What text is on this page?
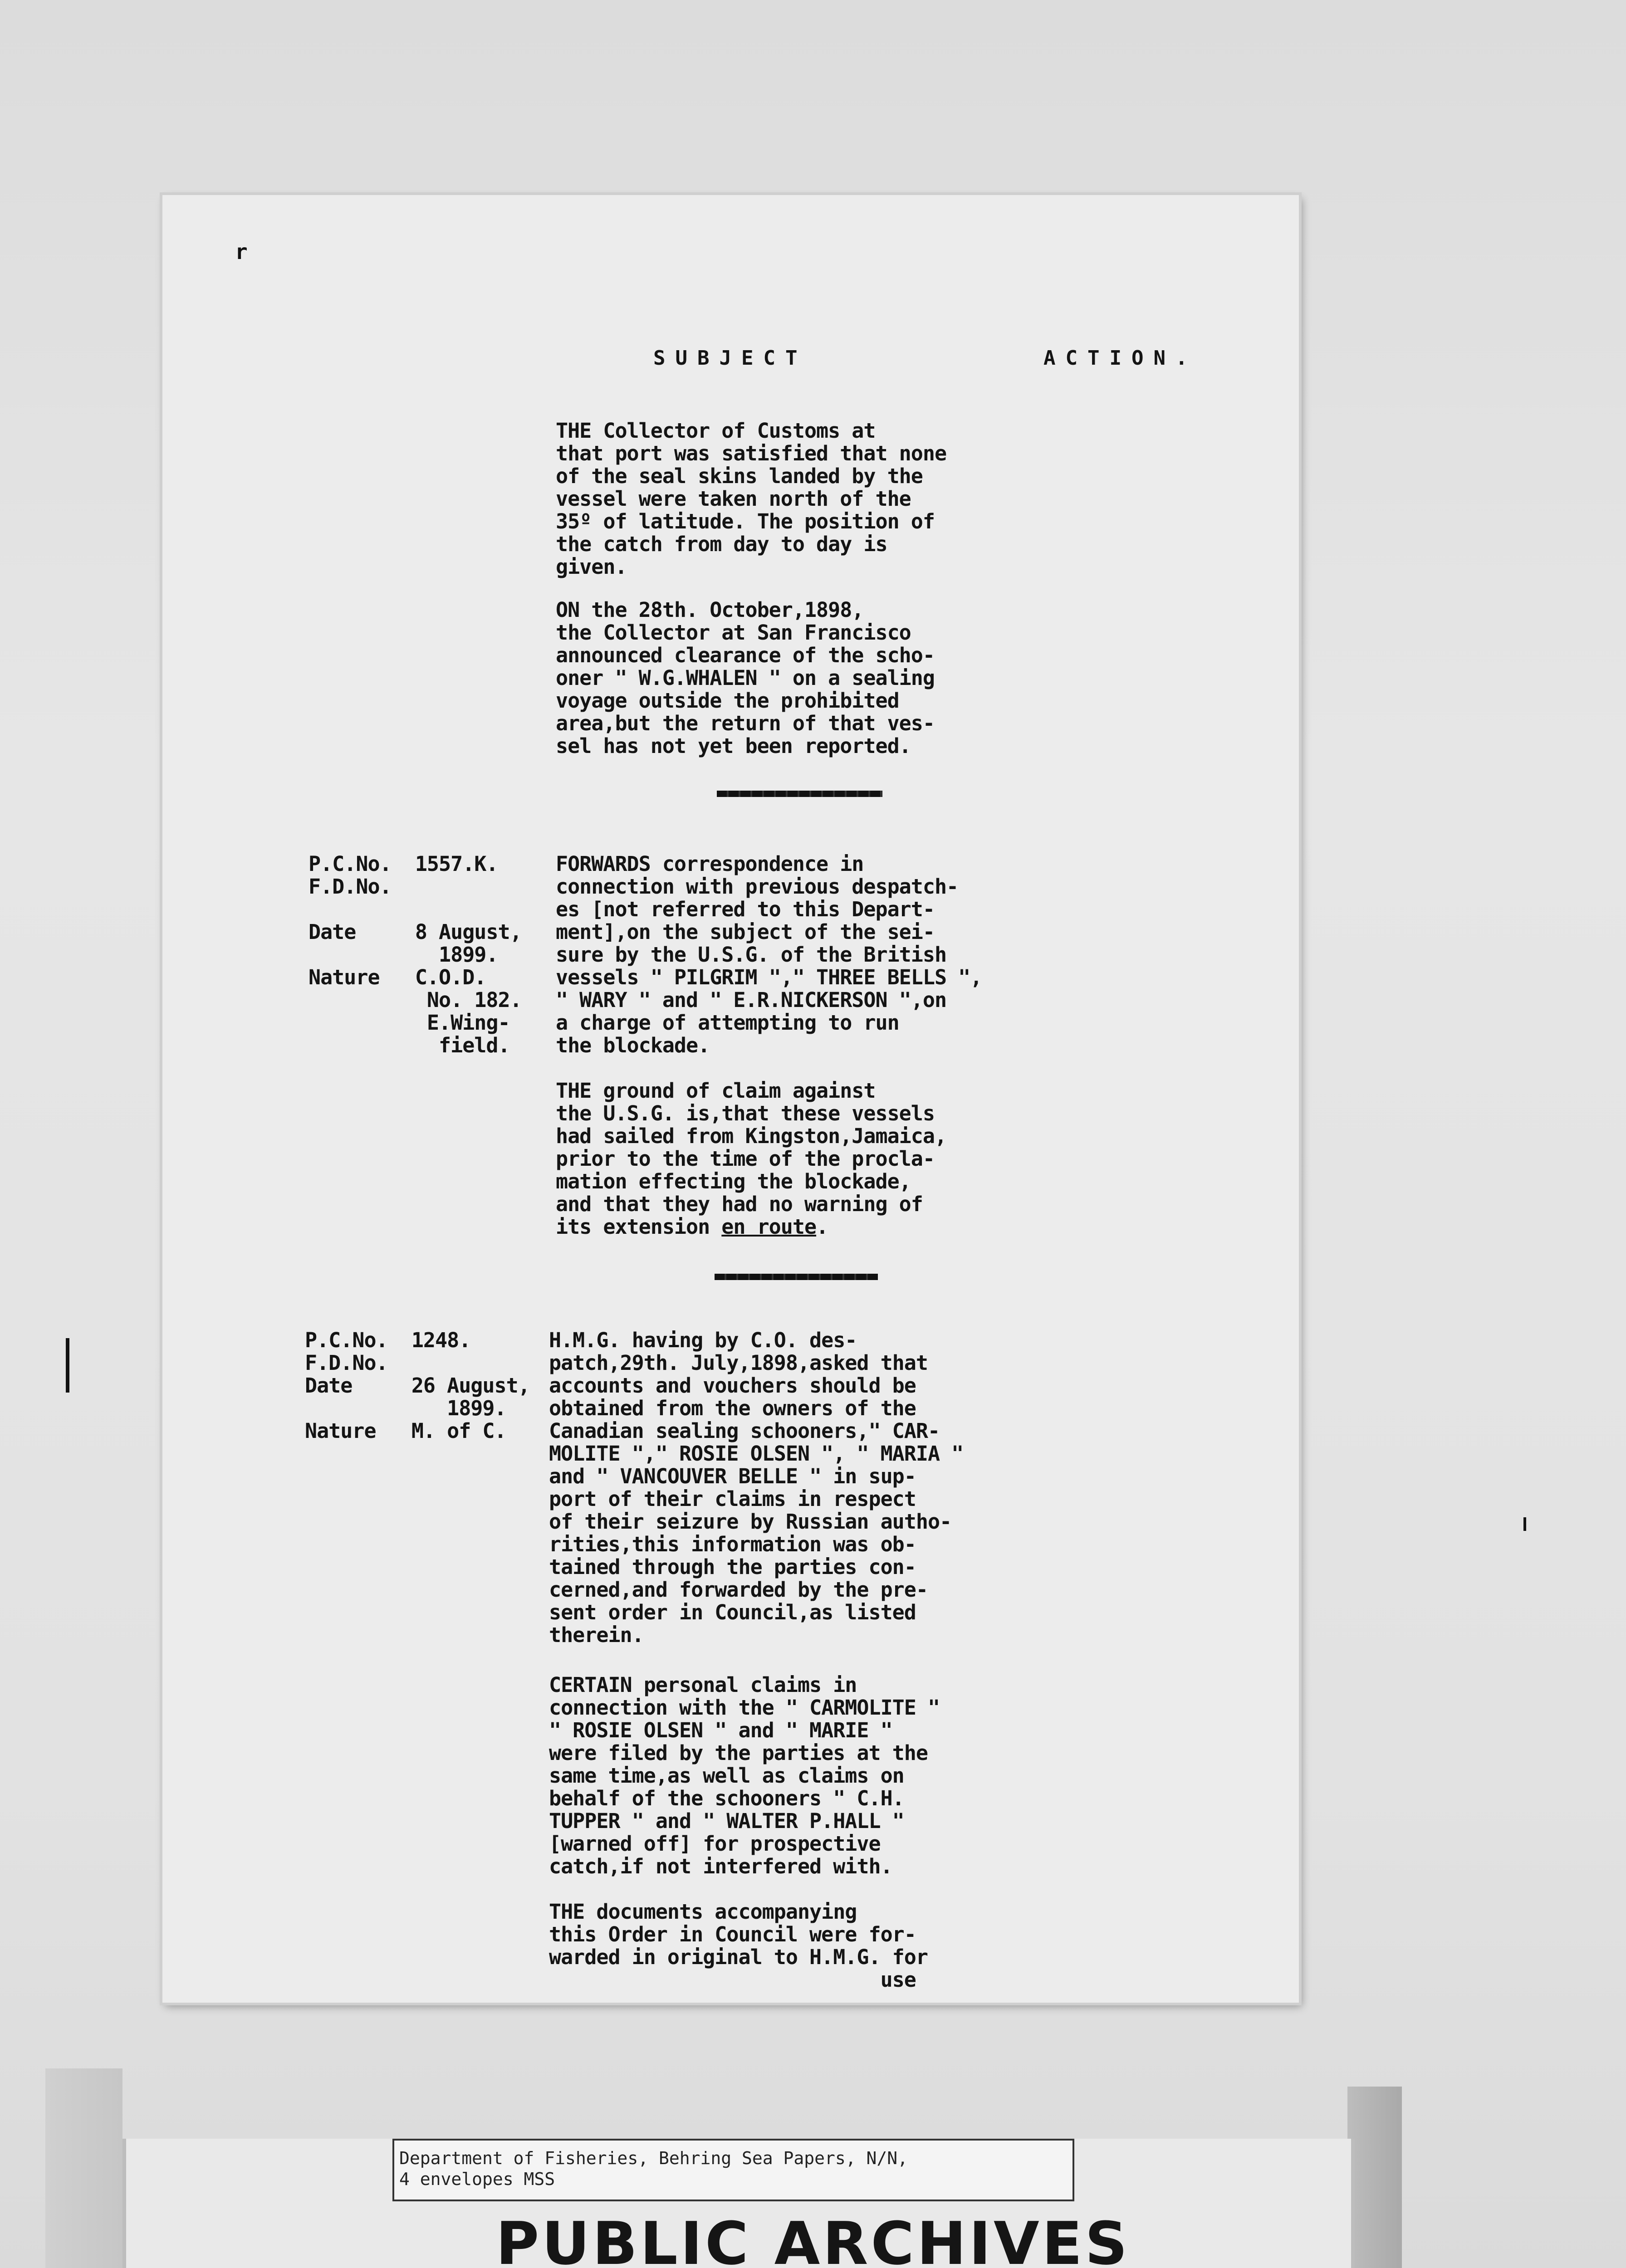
r
SUBJECT	ACTION.
THE Collector of Customs at
that port was satisfied that none
of the seal skins landed by the
vessel were taken north of the
35º of latitude. The position of
the catch from day to day is
given.
ON the 28th. October,1898,
the Collector at San Francisco
announced clearance of the scho-
oner " W.G.WHALEN " on a sealing
voyage outside the prohibited
area,but the return of that ves-
sel has not yet been reported.
P.C.No.  1557.K.
F.D.No.

Date     8 August,
1899.
Nature   C.O.D.
No. 182.
E.Wing-
field.
FORWARDS correspondence in
connection with previous despatch-
es [not referred to this Depart-
ment],on the subject of the sei-
sure by the U.S.G. of the British
vessels " PILGRIM "," THREE BELLS ",
" WARY " and " E.R.NICKERSON ",on
a charge of attempting to run
the blockade.
THE ground of claim against
the U.S.G. is,that these vessels
had sailed from Kingston,Jamaica,
prior to the time of the procla-
mation effecting the blockade,
and that they had no warning of
its extension en route.
P.C.No.  1248.
F.D.No.
Date     26 August,
1899.
Nature   M. of C.
H.M.G. having by C.O. des-
patch,29th. July,1898,asked that
accounts and vouchers should be
obtained from the owners of the
Canadian sealing schooners," CAR-
MOLITE "," ROSIE OLSEN ", " MARIA "
and " VANCOUVER BELLE " in sup-
port of their claims in respect
of their seizure by Russian autho-
rities,this information was ob-
tained through the parties con-
cerned,and forwarded by the pre-
sent order in Council,as listed
therein.
CERTAIN personal claims in
connection with the " CARMOLITE "
" ROSIE OLSEN " and " MARIE "
were filed by the parties at the
same time,as well as claims on
behalf of the schooners " C.H.
TUPPER " and " WALTER P.HALL "
[warned off] for prospective
catch,if not interfered with.
THE documents accompanying
this Order in Council were for-
warded in original to H.M.G. for
use
Department of Fisheries, Behring Sea Papers, N/N,
4 envelopes MSS
PUBLIC ARCHIVES
